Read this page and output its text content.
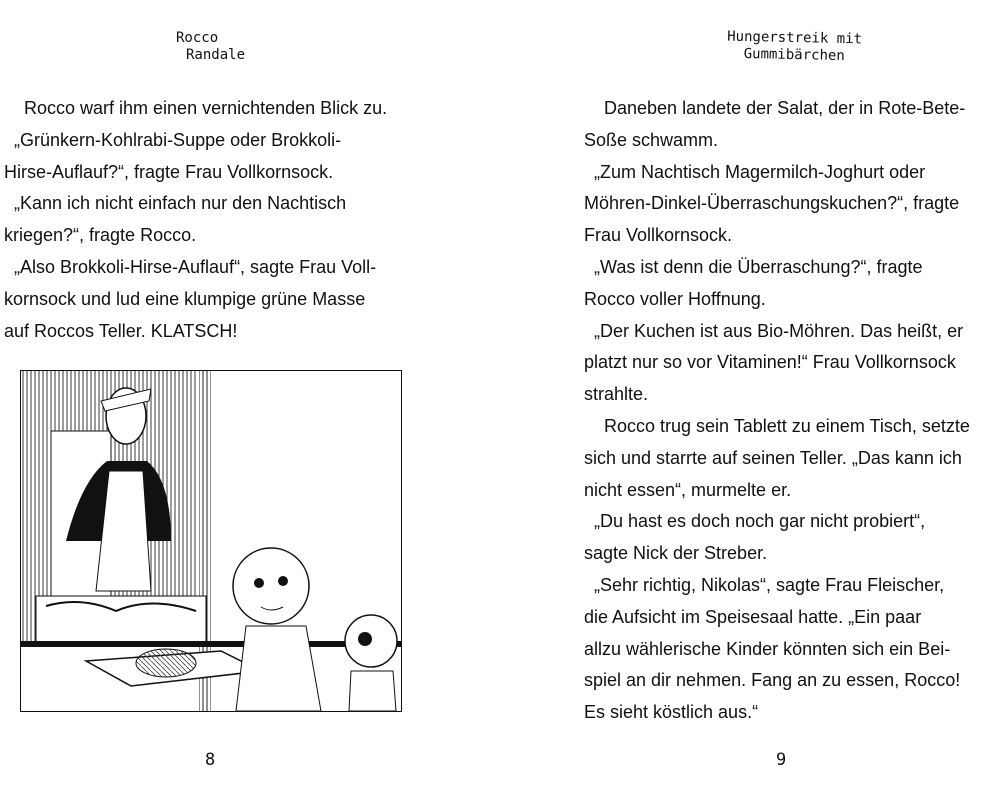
Rocco
Randale
Rocco warf ihm einen vernichtenden Blick zu.
„Grünkern-Kohlrabi-Suppe oder Brokkoli-
Hirse-Auflauf?“, fragte Frau Vollkornsock.
„Kann ich nicht einfach nur den Nachtisch
kriegen?“, fragte Rocco.
„Also Brokkoli-Hirse-Auflauf“, sagte Frau Voll-
kornsock und lud eine klumpige grüne Masse
auf Roccos Teller. KLATSCH!
8
Hungerstreik mit
Gummibärchen
Daneben landete der Salat, der in Rote-Bete-
Soße schwamm.
„Zum Nachtisch Magermilch-Joghurt oder
Möhren-Dinkel-Überraschungskuchen?“, fragte
Frau Vollkornsock.
„Was ist denn die Überraschung?“, fragte
Rocco voller Hoffnung.
„Der Kuchen ist aus Bio-Möhren. Das heißt, er
platzt nur so vor Vitaminen!“ Frau Vollkornsock
strahlte.
Rocco trug sein Tablett zu einem Tisch, setzte
sich und starrte auf seinen Teller. „Das kann ich
nicht essen“, murmelte er.
„Du hast es doch noch gar nicht probiert“,
sagte Nick der Streber.
„Sehr richtig, Nikolas“, sagte Frau Fleischer,
die Aufsicht im Speisesaal hatte. „Ein paar
allzu wählerische Kinder könnten sich ein Bei-
spiel an dir nehmen. Fang an zu essen, Rocco!
Es sieht köstlich aus.“
9
